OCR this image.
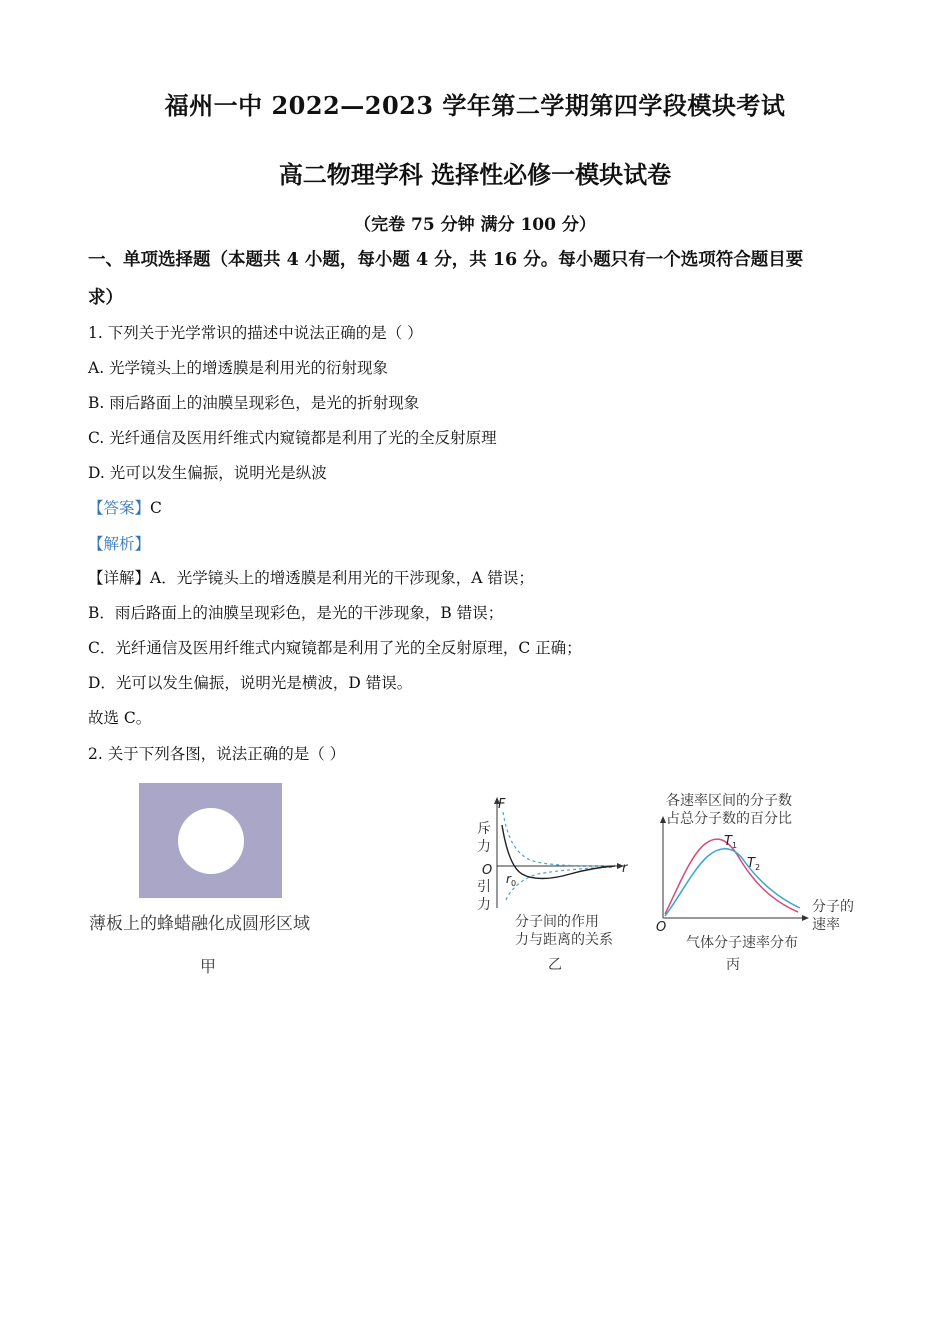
福州一中 2022—2023 学年第二学期第四学段模块考试
高二物理学科 选择性必修一模块试卷
（完卷 75 分钟 满分 100 分）
一、单项选择题（本题共 4 小题，每小题 4 分，共 16 分。每小题只有一个选项符合题目要
求）
1. 下列关于光学常识的描述中说法正确的是（ ）
A. 光学镜头上的增透膜是利用光的衍射现象
B. 雨后路面上的油膜呈现彩色，是光的折射现象
C. 光纤通信及医用纤维式内窥镜都是利用了光的全反射原理
D. 光可以发生偏振，说明光是纵波
【答案】C
【解析】
【详解】A．光学镜头上的增透膜是利用光的干涉现象，A 错误；
B．雨后路面上的油膜呈现彩色，是光的干涉现象，B 错误；
C．光纤通信及医用纤维式内窥镜都是利用了光的全反射原理，C 正确；
D．光可以发生偏振，说明光是横波，D 错误。
故选 C。
2. 关于下列各图，说法正确的是（ ）
薄板上的蜂蜡融化成圆形区域
甲
F
r
O
$r_0$
斥
力
引
力
分子间的作用
力与距离的关系
乙
各速率区间的分子数
占总分子数的百分比
$T_1$
$T_2$
分子的
速率
O
气体分子速率分布
丙
